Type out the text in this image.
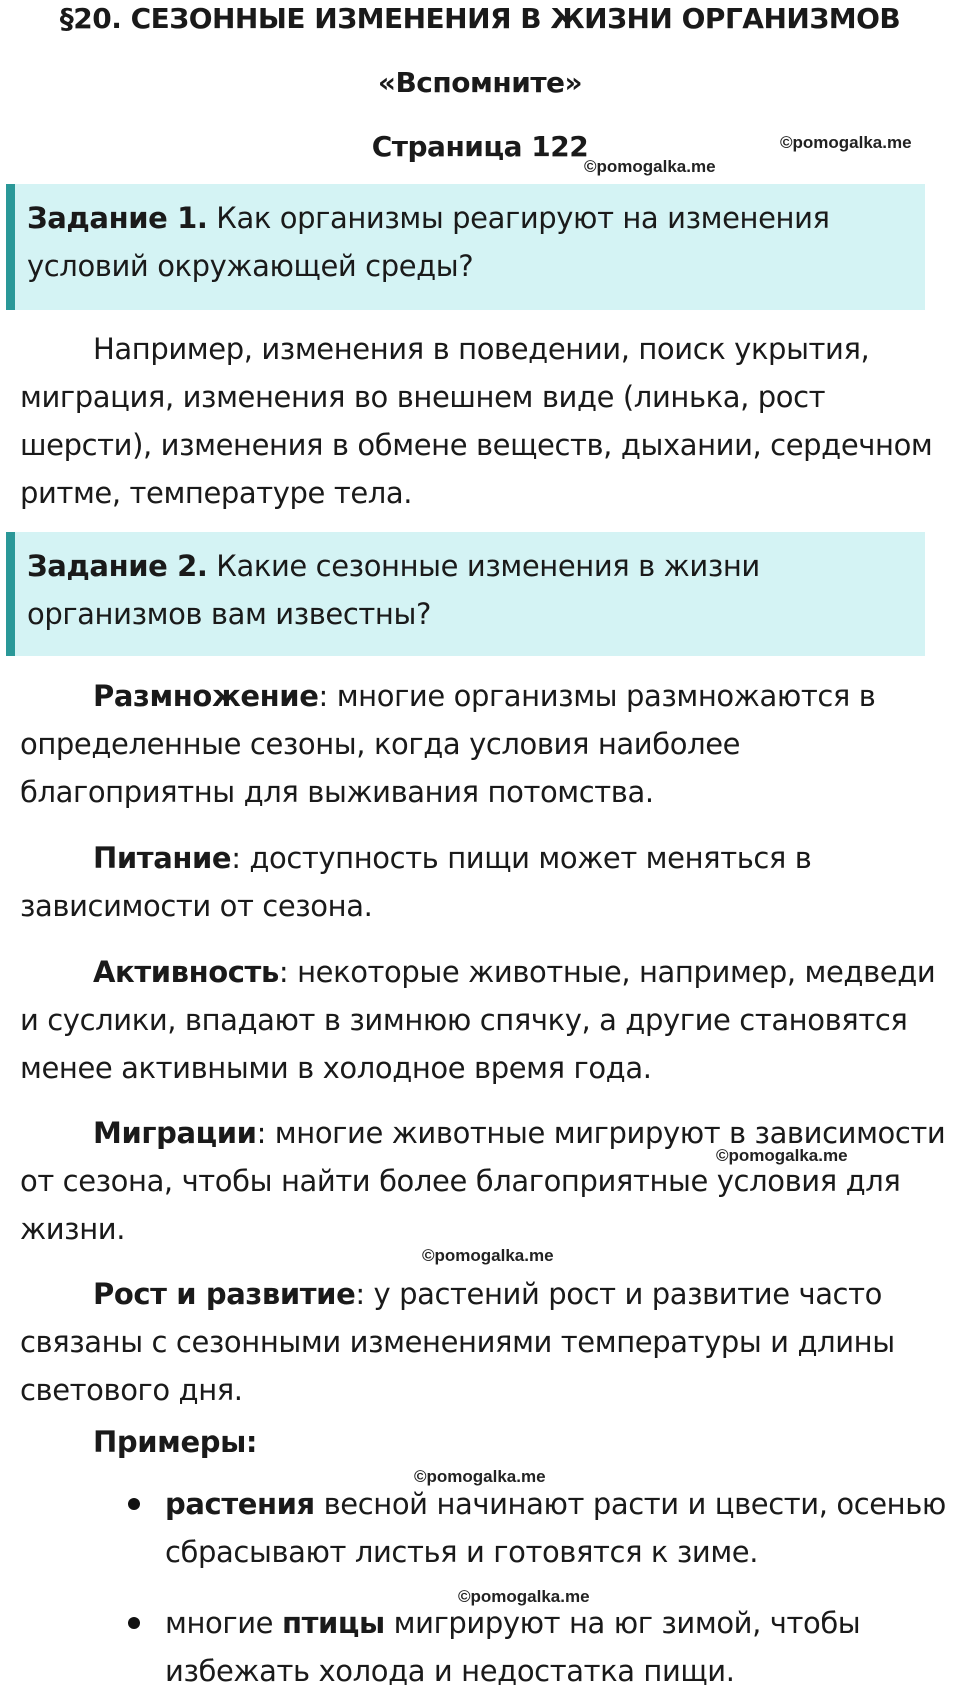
§20. СЕЗОННЫЕ ИЗМЕНЕНИЯ В ЖИЗНИ ОРГАНИЗМОВ
«Вспомните»
Страница 122	©pomogalka.me
©pomogalka.me
©pomogalka.me
©pomogalka.me
©pomogalka.me
©pomogalka.me
Задание 1. Как организмы реагируют на изменения
условий окружающей среды?
Например, изменения в поведении, поиск укрытия,
миграция, изменения во внешнем виде (линька, рост
шерсти), изменения в обмене веществ, дыхании, сердечном
ритме, температуре тела.
Задание 2. Какие сезонные изменения в жизни
организмов вам известны?
Размножение: многие организмы размножаются в
определенные сезоны, когда условия наиболее
благоприятны для выживания потомства.
Питание: доступность пищи может меняться в
зависимости от сезона.
Активность: некоторые животные, например, медведи
и суслики, впадают в зимнюю спячку, а другие становятся
менее активными в холодное время года.
Миграции: многие животные мигрируют в зависимости
от сезона, чтобы найти более благоприятные условия для
жизни.
Рост и развитие: у растений рост и развитие часто
связаны с сезонными изменениями температуры и длины
светового дня.
Примеры:
растения весной начинают расти и цвести, осенью
сбрасывают листья и готовятся к зиме.
многие птицы мигрируют на юг зимой, чтобы
избежать холода и недостатка пищи.
